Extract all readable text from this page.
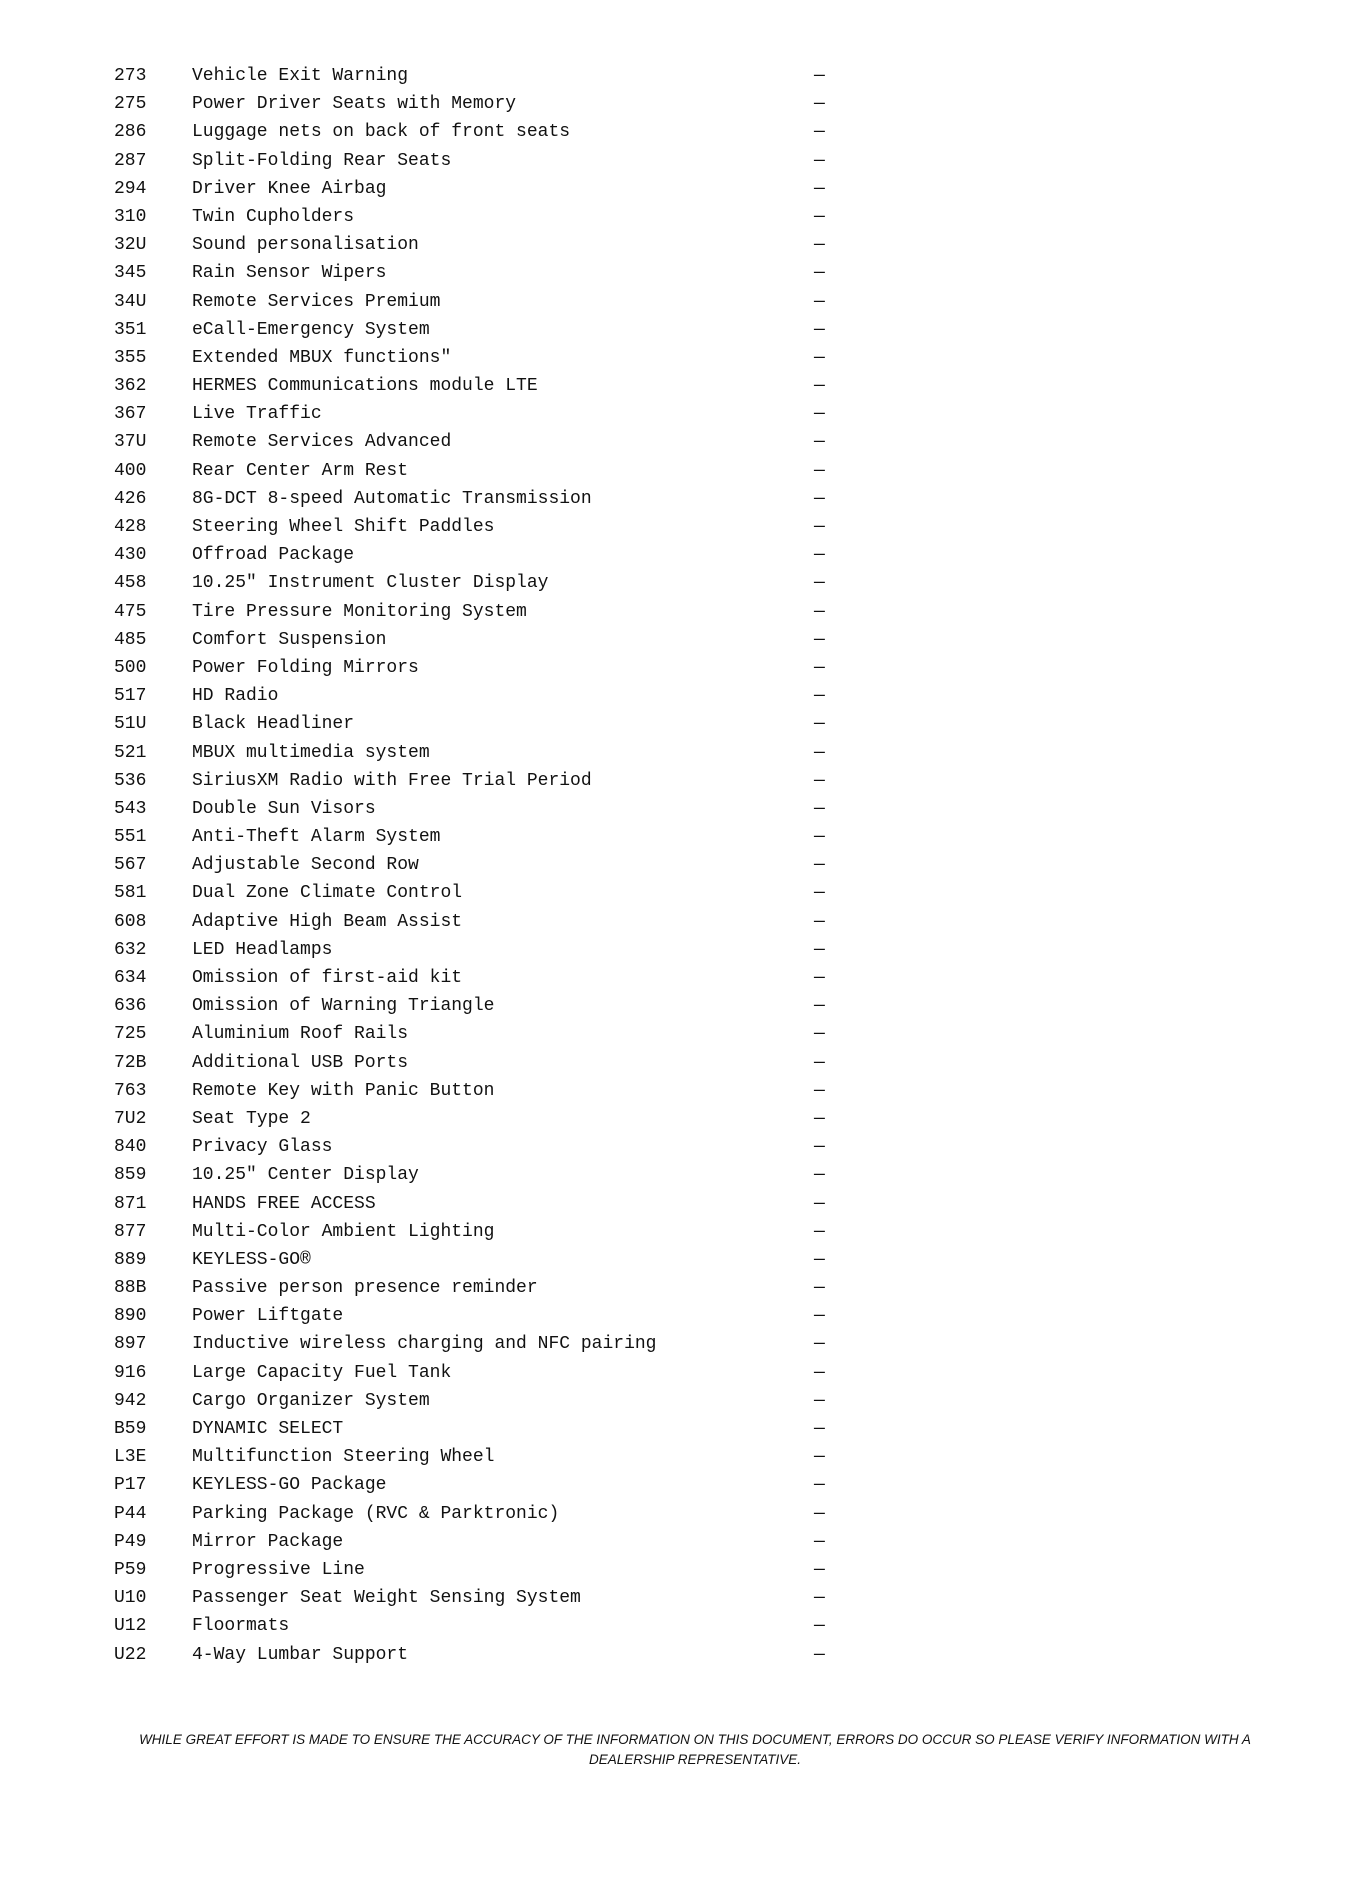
273	Vehicle Exit Warning	—
275	Power Driver Seats with Memory	—
286	Luggage nets on back of front seats	—
287	Split-Folding Rear Seats	—
294	Driver Knee Airbag	—
310	Twin Cupholders	—
32U	Sound personalisation	—
345	Rain Sensor Wipers	—
34U	Remote Services Premium	—
351	eCall-Emergency System	—
355	Extended MBUX functions"	—
362	HERMES Communications module LTE	—
367	Live Traffic	—
37U	Remote Services Advanced	—
400	Rear Center Arm Rest	—
426	8G-DCT 8-speed Automatic Transmission	—
428	Steering Wheel Shift Paddles	—
430	Offroad Package	—
458	10.25" Instrument Cluster Display	—
475	Tire Pressure Monitoring System	—
485	Comfort Suspension	—
500	Power Folding Mirrors	—
517	HD Radio	—
51U	Black Headliner	—
521	MBUX multimedia system	—
536	SiriusXM Radio with Free Trial Period	—
543	Double Sun Visors	—
551	Anti-Theft Alarm System	—
567	Adjustable Second Row	—
581	Dual Zone Climate Control	—
608	Adaptive High Beam Assist	—
632	LED Headlamps	—
634	Omission of first-aid kit	—
636	Omission of Warning Triangle	—
725	Aluminium Roof Rails	—
72B	Additional USB Ports	—
763	Remote Key with Panic Button	—
7U2	Seat Type 2	—
840	Privacy Glass	—
859	10.25" Center Display	—
871	HANDS FREE ACCESS	—
877	Multi-Color Ambient Lighting	—
889	KEYLESS-GO®	—
88B	Passive person presence reminder	—
890	Power Liftgate	—
897	Inductive wireless charging and NFC pairing	—
916	Large Capacity Fuel Tank	—
942	Cargo Organizer System	—
B59	DYNAMIC SELECT	—
L3E	Multifunction Steering Wheel	—
P17	KEYLESS-GO Package	—
P44	Parking Package (RVC & Parktronic)	—
P49	Mirror Package	—
P59	Progressive Line	—
U10	Passenger Seat Weight Sensing System	—
U12	Floormats	—
U22	4-Way Lumbar Support	—
WHILE GREAT EFFORT IS MADE TO ENSURE THE ACCURACY OF THE INFORMATION ON THIS DOCUMENT, ERRORS DO OCCUR SO PLEASE VERIFY INFORMATION WITH A
DEALERSHIP REPRESENTATIVE.
